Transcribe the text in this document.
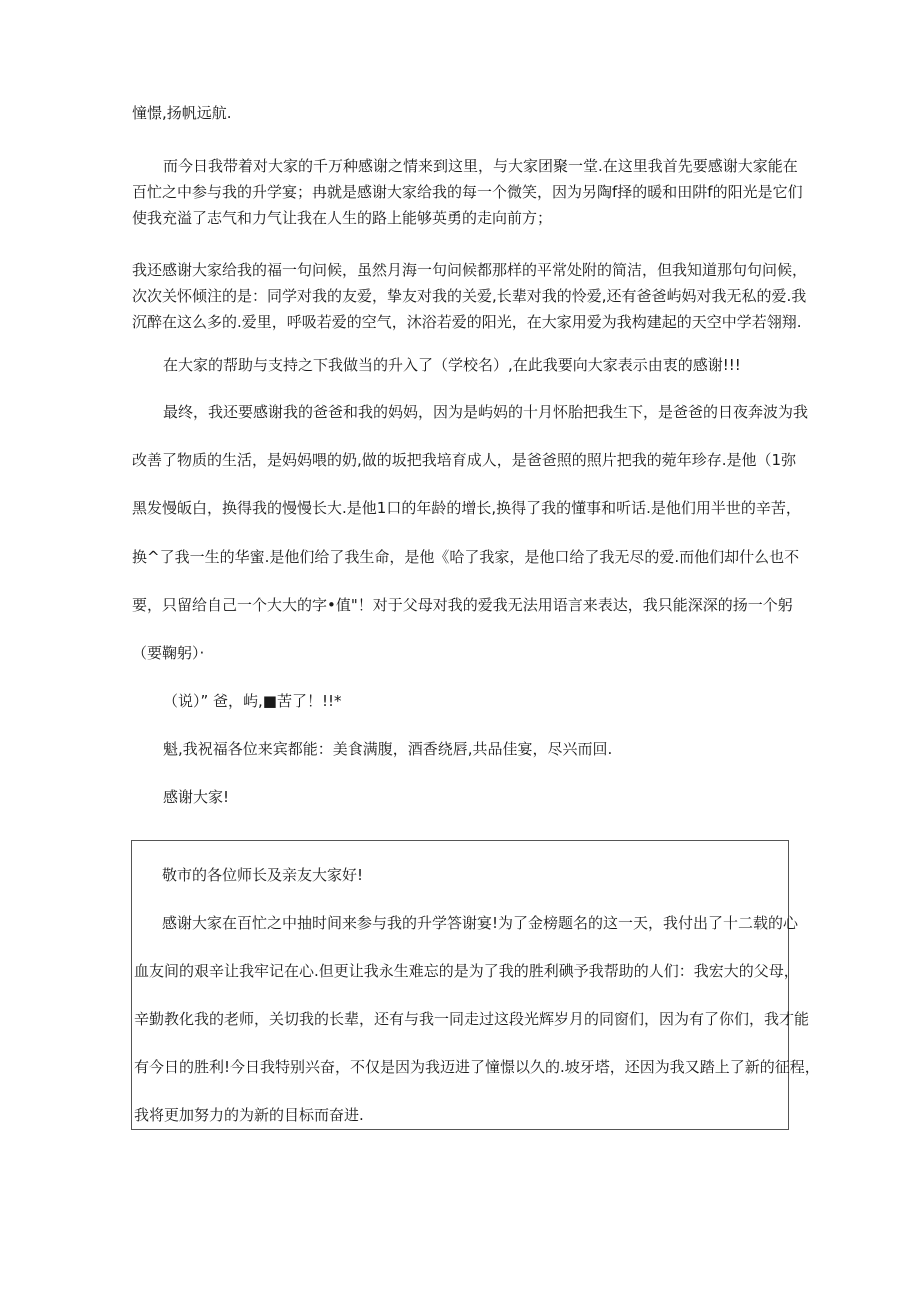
憧憬,扬帆远航.
而今日我带着对大家的千万种感谢之情来到这里，与大家团聚一堂.在这里我首先要感谢大家能在
百忙之中参与我的升学宴；冉就是感谢大家给我的每一个微笑，因为另陶f择的暖和田阱f的阳光是它们
使我充溢了志气和力气让我在人生的路上能够英勇的走向前方；
我还感谢大家给我的福一句问候，虽然月海一句问候都那样的平常处附的简洁，但我知道那句句问候，
次次关怀倾注的是：同学对我的友爱，挚友对我的关爱,长辈对我的怜爱,还有爸爸屿妈对我无私的爱.我
沉醉在这么多的.爱里，呼吸若爱的空气，沐浴若爱的阳光，在大家用爱为我构建起的天空中学若翎翔.
在大家的帮助与支持之下我做当的升入了（学校名）,在此我要向大家表示由衷的感谢!!!
最终，我还要感谢我的爸爸和我的妈妈，因为是屿妈的十月怀胎把我生下，是爸爸的日夜奔波为我
改善了物质的生活，是妈妈喂的奶,做的坂把我培育成人，是爸爸照的照片把我的菀年珍存.是他（1弥
黑发慢皈白，换得我的慢慢长大.是他1口的年龄的增长,换得了我的懂事和听话.是他们用半世的辛苦，
换^了我一生的华蜜.是他们给了我生命，是他《哈了我家，是他口给了我无尽的爱.而他们却什么也不
要，只留给自己一个大大的字•值"！对于父母对我的爱我无法用语言来表达，我只能深深的扬一个躬
（要鞠躬）·
（说）” 爸，屿,■苦了！!!*
魁,我祝福各位来宾都能：美食满腹，酒香绕唇,共品佳宴，尽兴而回.
感谢大家!
敬市的各位师长及亲友大家好!
感谢大家在百忙之中抽时间来参与我的升学答谢宴!为了金榜题名的这一天，我付出了十二载的心
血友间的艰辛让我牢记在心.但更让我永生难忘的是为了我的胜利碘予我帮助的人们：我宏大的父母，
辛勤教化我的老师，关切我的长辈，还有与我一同走过这段光辉岁月的同窗们，因为有了你们，我才能
有今日的胜利!今日我特别兴奋，不仅是因为我迈进了憧憬以久的.坡牙塔，还因为我又踏上了新的征程，
我将更加努力的为新的目标而奋进.
